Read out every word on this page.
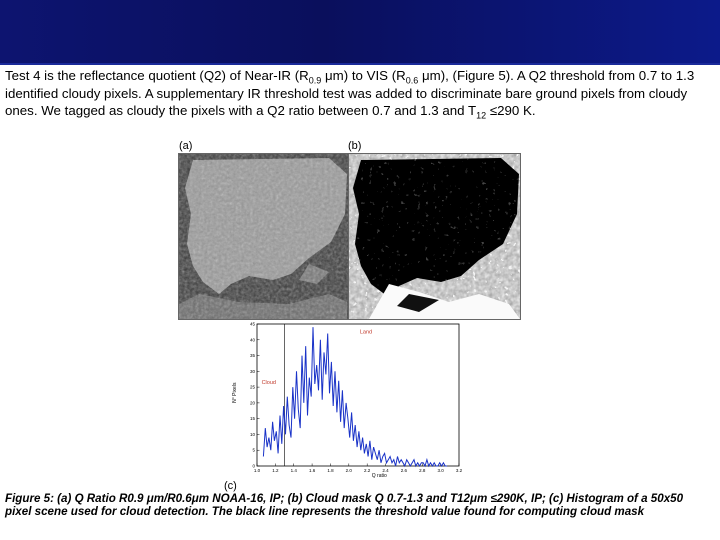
Test 4 is the reflectance quotient (Q2) of Near-IR ($R_{0.9}$ μm) to VIS ($R_{0.6}$ μm), (Figure 5). A Q2 threshold from 0.7 to 1.3 identified cloudy pixels. A supplementary IR threshold test was added to discriminate bare ground pixels from cloudy ones. We tagged as cloudy the pixels with a Q2 ratio between 0.7 and 1.3 and $T_{12} \le 290$ K.
(a)	(b)
(c)
1.0	1.2	1.4	1.6	1.8	2.0	2.2	2.4	2.6	2.8	3.0	3.2
0
5
10
15
20
25
30
35
40
45
Land
Cloud
Q ratio
N° Pixels
Figure 5: (a) Q Ratio R0.9 μm/R0.6μm NOAA-16, IP; (b) Cloud mask Q 0.7-1.3 and T12μm ≤290K, IP; (c) Histogram of a 50x50 pixel scene used for cloud detection. The black line represents the threshold value found for computing cloud mask
